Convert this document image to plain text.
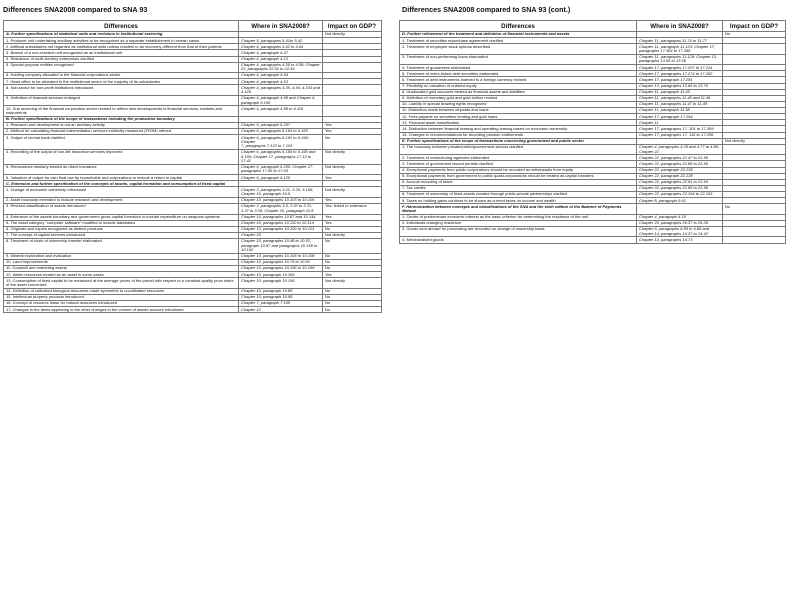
Differences SNA2008 compared to SNA 93
Differences	Where in SNA2008?	Impact on GDP?
A. Further specifications of statistical units and revisions in institutional sectoring		Not directly
1. Producer unit undertaking ancillary activities to be recognized as a separate establishment in certain cases	Chapter 5, paragraphs 5.41to 5.42	
2. Artificial subsidiaries not regarded as institutional units unless resident in an economy different from that of their parents	Chapter 4, paragraphs 4.62 to 4.64	
3. Branch of a non-resident unit recognized as an institutional unit	Chapter 4, paragraph 4.47	
4. Residence of multi-territory enterprises clarified	Chapter 4, paragraph 4.13	
5. Special purpose entities recognized	Chapter 4, paragraphs 4.55 to 4.58; Chapter
22, paragraphs 22.51 to 22.54	
6. Holding company allocated to the financial corporations sector	Chapter 4, paragraph 4.54	
7. Head office to be allocated to the institutional sector of the majority of its subsidiaries	Chapter 4, paragraph 4.53	
8. Sub-sector for non-profit institutions introduced	Chapter 4, paragraphs 4.35, 4.94, 4.103 and
4.129	
9. Definition of financial services enlarged	Chapter 4, paragraph 4.98 and Chapter 6,
paragraph 6.156	
10. Sub sectoring of the financial corporation sector revised to reflect new developments in financial services, markets and instruments	Chapter 4, paragraph 4.98 to 4.116	
B. Further specifications of the scope of transactions including the production boundary		
1. Research and development is not an ancillary activity	Chapter 6, paragraph 6.207	Yes
2. Method for calculating financial intermediation services indirectly measured (FISIM) refined	Chapter 6, paragraphs 6.163 to 6.165	Yes
3. Output of central bank clarified	Chapter 6, paragraphs 6.151 to 6.156; Chapter
7, paragraphs 7.122 to 7.126	No
4. Recording of the output of non-life insurance services improved	Chapter 6, paragraphs 6.184 to 6.190 and
6.199; Chapter 17, paragraphs 17.13 to 17.42	Not directly
5. Reinsurance similarly treated as direct insurance	Chapter 6, paragraph 6.200; Chapter 17, paragraphs 17.56 to 17.65	Not directly
6. Valuation of output for own final use by households and corporations to include a return to capital	Chapter 6, paragraph 6.125	Yes
C. Extension and further specification of the concepts of assets, capital formation and consumption of fixed capital		
1. Change of economic ownership introduced	Chapter 3, paragraphs 3.21, 3.26, 3.169;
Chapter 10, paragraph 10.5	Not directly
2. Asset boundary extended to include research and development	Chapter 10, paragraphs 10.103 to 10.105	Yes
3. Revised classification of assets introduced	Chapter 3, paragraphs 3.5, 3.30 to 3.31, 3.37 to 3.39; Chapter 10, paragraph 10.8	Yes, linked to extension
4. Extension of the assets boundary and government gross capital formation to include expenditure on weapons systems	Chapter 10, paragraphs 10.87 and 10.144	Yes
5. The asset category "computer software" modified to include databases	Chapter 10, paragraphs 10.110 to 10.114	Yes
6. Originals and copies recognized as distinct products	Chapter 10, paragraphs 10.100 to 10.101	No
7. The concept of capital services introduced	Chapter 20	Not directly
8. Treatment of costs of ownership transfer elaborated	Chapter 10, paragraphs 10.48 to 10.52, paragraph 10.97 and paragraphs 10.158 to 10.162	No
9. Mineral exploration and evaluation	Chapter 10, paragraphs 10.106 to 10.108	No
10. Land improvements	Chapter 10, paragraphs 10.79 to 10.81	No
11. Goodwill and marketing assets	Chapter 10, paragraphs 10.196 to 10.199	No
12. Water resources treated as an asset in some cases	Chapter 10, paragraph 10.184	Yes
13. Consumption of fixed capital to be measured at the average prices of the period with respect to a constant-quality price index of the asset concerned	Chapter 10, paragraph 10.156	Not directly
14. Definition of cultivated biological resources made symmetric to uncultivated resources	Chapter 10, paragraph 10.88	No
15. Intellectual property products introduced	Chapter 10, paragraph 10.98	No
16. Concept of resource lease for natural resources introduced	Chapter 7, paragraph 7.109	No
17. Changes in the items appearing in the other changes in the volume of assets account introduced	Chapter 12	No
Differences SNA2008 compared to SNA 93 (cont.)
Differences	Where in SNA2008?	Impact on GDP?
D. Further refinement of the treatment and definition of financial instruments and assets		No
1. Treatment of securities repurchase agreement clarified	Chapter 11, paragraphs 11.74 to 11.77	
2. Treatment of employee stock options described	Chapter 11, paragraph 11.124; Chapter 17,
paragraphs 17.384 to 17.398	
3. Treatment of non-performing loans elaborated	Chapter 11, paragraphs 11.129; Chapter 13,
paragraphs 13.66 to 13.68	
4. Treatment of guarantees elaborated	Chapter 17, paragraphs 17.207 to 17.224	
5. Treatment of index-linked debt securities elaborated	Chapter 17, paragraphs 17.274 to 17.282	
6. Treatment of debt instruments indexed to a foreign currency revised	Chapter 17, paragraph 17.281	
7. Flexibility on valuation of unlisted equity	Chapter 13, paragraphs 13.69 to 13.70	
8. Unallocated gold accounts treated as financial assets and liabilities	Chapter 11, paragraph 11.45	
9. Definition of monetary gold and gold bullion revised	Chapter 11, paragraphs 11.45 and 11.46	
10. Liability in special drawing rights recognized	Chapter 11, paragraphs 11.47 to 11.49	
11. Distinction made between deposits and loans	Chapter 11, paragraph 11.58	
12. Fees payable on securities lending and gold loans	Chapter 17, paragraph 17.254	
13. Financial asset classification	Chapter 11	
14. Distinction between financial leasing and operating leasing based on economic ownership	Chapter 17, paragraphs 17. 301 to 17.309	
15. Changes in recommendations for recording pension entitlements	Chapter 17, paragraphs 17. 116 to 17.206	
E. Further specifications of the scope of transactions concerning government and public sector		Not directly
1. The boundary between private/public/government sectors clarified	Chapter 4, paragraphs 4.25 and 4.77 to 4.80;
Chapter 22	
2. Treatment of restructuring agencies elaborated	Chapter 22, paragraphs 22.47 to 22.50	
3. Treatment of government issued permits clarified	Chapter 22, paragraphs 22.88 to 22.90	
4. Exceptional payments from public corporations should be recorded as withdrawals from equity	Chapter 22, paragraph 22.135	
5. Exceptional payments from government to public quasi-corporations should be treated as capital transfers	Chapter 22, paragraph 22.138	
6. Accrual recording of taxes	Chapter 22, paragraphs 22.91 to 22.94	
7. Tax credits	Chapter 22, paragraphs 22.95 to 22.98	
8. Treatment of ownership of fixed assets created through public-private partnerships clarified	Chapter 22, paragraphs 22.154 to 22.163	
9. Taxes on holding gains continue to be shown as current taxes on income and wealth	Chapter 8, paragraph 8.61	
F. Harmonization between concepts and classifications of the SNA and the sixth edition of the Balance of Payments Manual		No
1. Centre of predominant economic interest as the basic criterion for determining the residence of the unit	Chapter 4, paragraph 4.10	
2. Individuals changing residence	Chapter 26, paragraphs 26.37 to 26.39	
3. Goods sent abroad for processing are recorded on change of ownership basis	Chapter 6, paragraphs 6.85 to 6.86 and
Chapter 14, paragraphs 14.37 to 14.42	
4. Merchandised goods	Chapter 14, paragraphs 14.73	
